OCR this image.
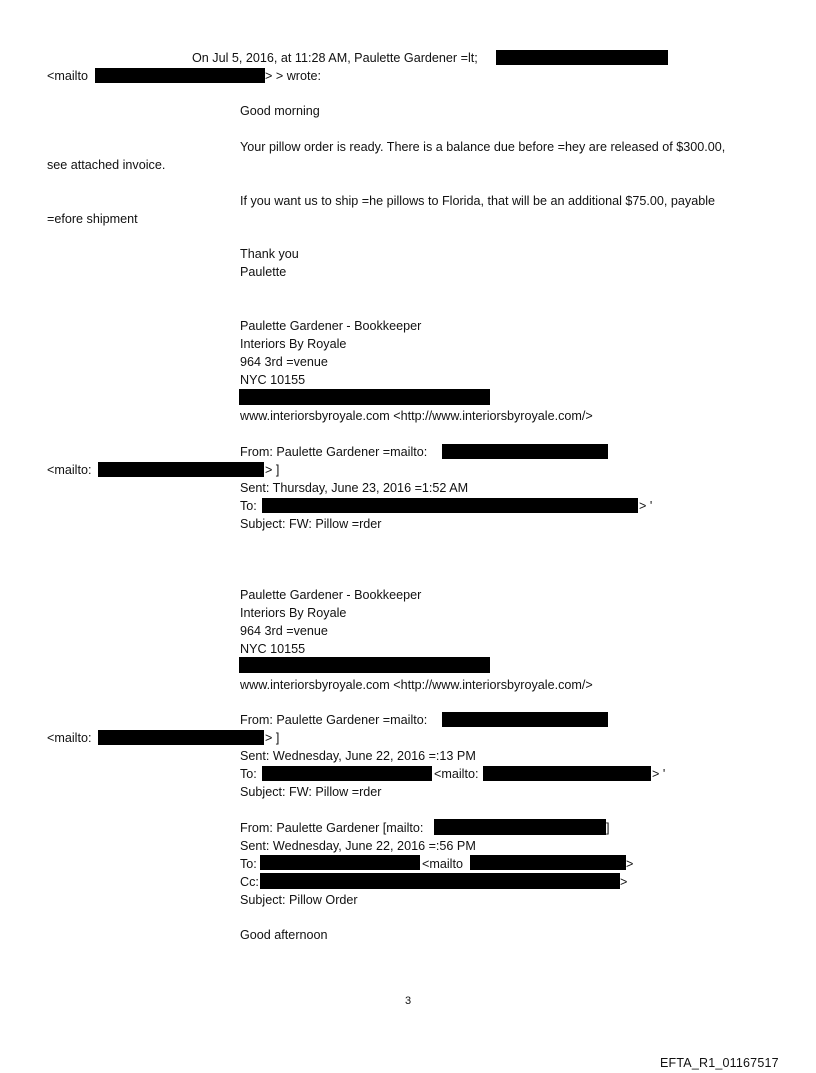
On Jul 5, 2016, at 11:28 AM, Paulette Gardener =lt;
<mailto	> > wrote:
Good morning
Your pillow order is ready. There is a balance due before =hey are released of $300.00,
see attached invoice.
If you want us to ship =he pillows to Florida, that will be an additional $75.00, payable
=efore shipment
Thank you
Paulette
Paulette Gardener - Bookkeeper
Interiors By Royale
964 3rd =venue
NYC 10155
www.interiorsbyroyale.com <http://www.interiorsbyroyale.com/>
From: Paulette Gardener =mailto:
<mailto:	> ]
Sent: Thursday, June 23, 2016 =1:52 AM
To:	> '
Subject: FW: Pillow =rder
Paulette Gardener - Bookkeeper
Interiors By Royale
964 3rd =venue
NYC 10155
www.interiorsbyroyale.com <http://www.interiorsbyroyale.com/>
From: Paulette Gardener =mailto:
<mailto:	> ]
Sent: Wednesday, June 22, 2016 =:13 PM
To:	<mailto:	> '
Subject: FW: Pillow =rder
From: Paulette Gardener [mailto:	]
Sent: Wednesday, June 22, 2016 =:56 PM
To:	<mailto	>
Cc:	>
Subject: Pillow Order
Good afternoon
3
EFTA_R1_01167517
